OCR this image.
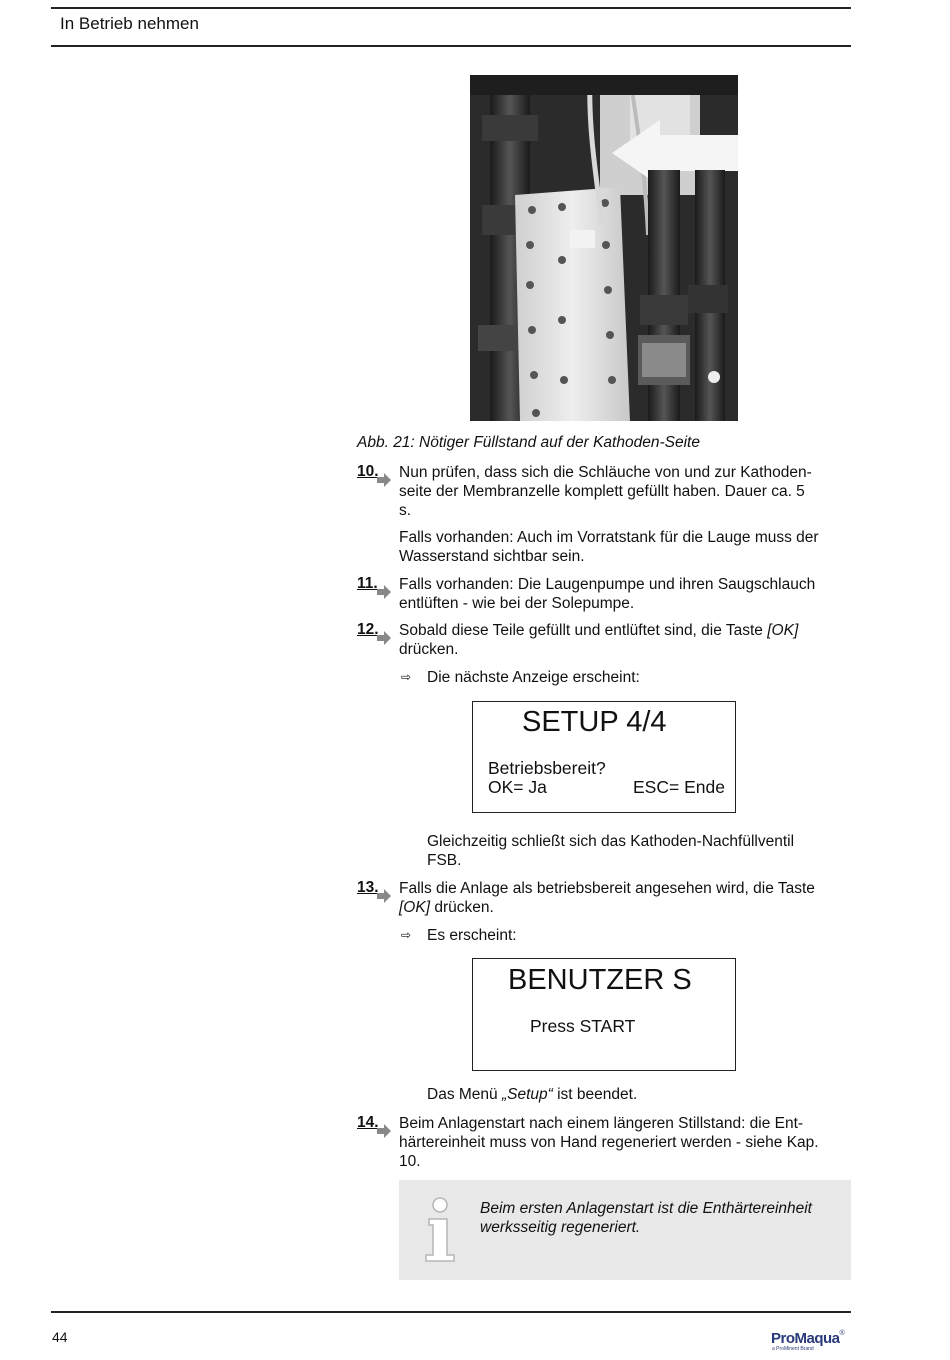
In Betrieb nehmen
Abb. 21: Nötiger Füllstand auf der Kathoden-Seite
10. Nun prüfen, dass sich die Schläuche von und zur Kathoden-
seite der Membranzelle komplett gefüllt haben. Dauer ca. 5
s.
Falls vorhanden: Auch im Vorratstank für die Lauge muss der
Wasserstand sichtbar sein.
11. Falls vorhanden: Die Laugenpumpe und ihren Saugschlauch
entlüften - wie bei der Solepumpe.
12. Sobald diese Teile gefüllt und entlüftet sind, die Taste [OK]
drücken.
⇨ Die nächste Anzeige erscheint:
SETUP 4/4
Betriebsbereit?
OK= Ja	ESC= Ende
Gleichzeitig schließt sich das Kathoden-Nachfüllventil
FSB.
13. Falls die Anlage als betriebsbereit angesehen wird, die Taste
[OK] drücken.
⇨ Es erscheint:
BENUTZER S
Press START
Das Menü „Setup“ ist beendet.
14. Beim Anlagenstart nach einem längeren Stillstand: die Ent-
härtereinheit muss von Hand regeneriert werden - siehe Kap.
10.
Beim ersten Anlagenstart ist die Enthärtereinheit
werksseitig regeneriert.
44	ProMaqua®
a ProMinent Brand
